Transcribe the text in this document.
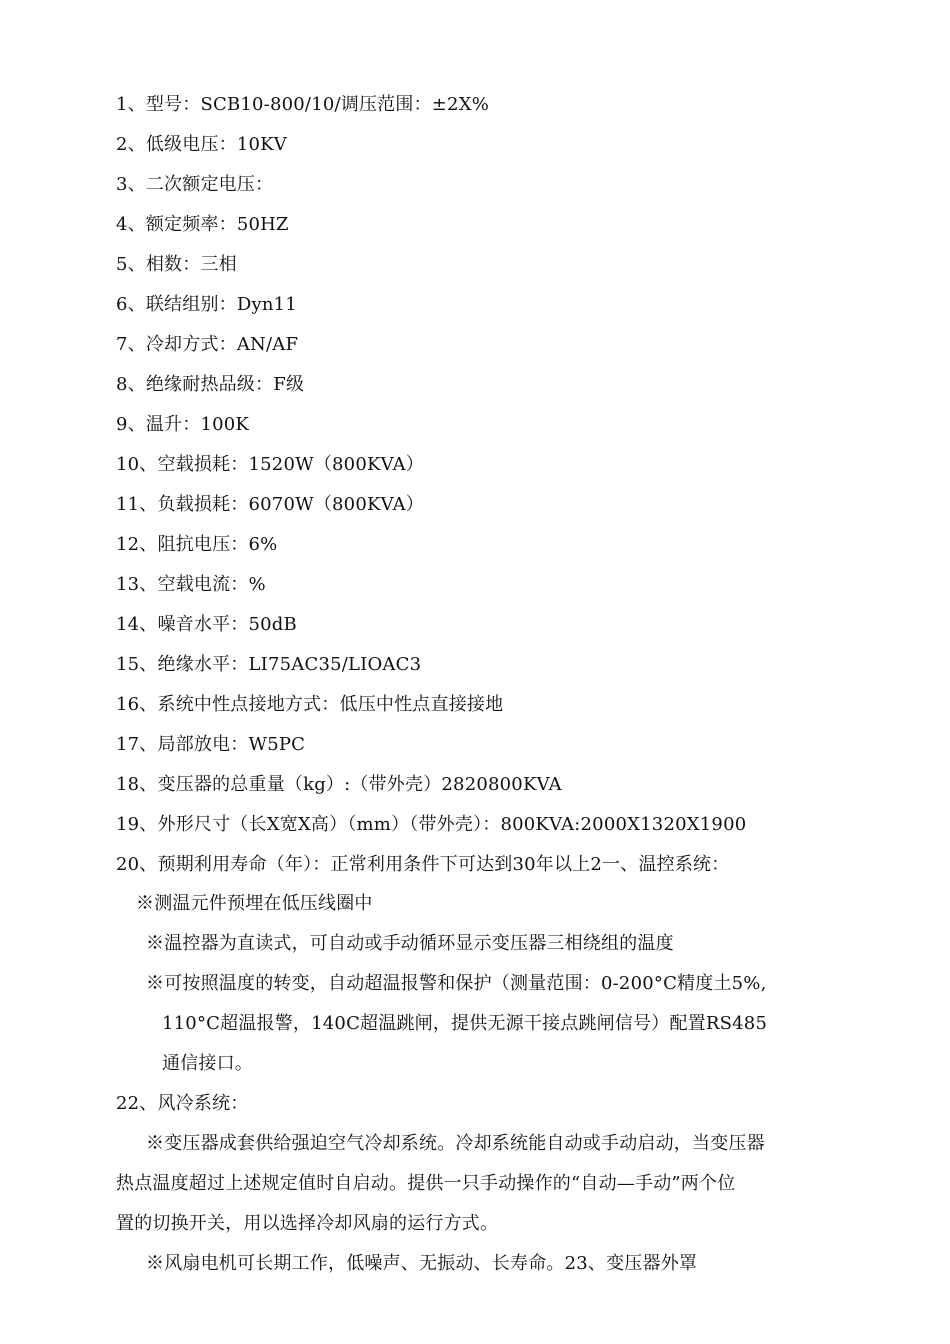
1、型号：SCB10-800/10/调压范围：±2X%
2、低级电压：10KV
3、二次额定电压：
4、额定频率：50HZ
5、相数：三相
6、联结组别：Dyn11
7、冷却方式：AN/AF
8、绝缘耐热品级：F级
9、温升：100K
10、空载损耗：1520W（800KVA）
11、负载损耗：6070W（800KVA）
12、阻抗电压：6%
13、空载电流：%
14、噪音水平：50dB
15、绝缘水平：LI75AC35/LIOAC3
16、系统中性点接地方式：低压中性点直接接地
17、局部放电：W5PC
18、变压器的总重量（kg）:（带外壳）2820800KVA
19、外形尺寸（长X宽X高）（mm）（带外壳）：800KVA:2000X1320X1900
20、预期利用寿命（年）：正常利用条件下可达到30年以上2一、温控系统：
※测温元件预埋在低压线圈中
※温控器为直读式，可自动或手动循环显示变压器三相绕组的温度
※可按照温度的转变，自动超温报警和保护（测量范围：0-200°C精度土5%,
110°C超温报警，140C超温跳闸，提供无源干接点跳闸信号）配置RS485
通信接口。
22、风冷系统：
※变压器成套供给强迫空气冷却系统。冷却系统能自动或手动启动，当变压器
热点温度超过上述规定值时自启动。提供一只手动操作的“自动—手动”两个位
置的切换开关，用以选择冷却风扇的运行方式。
※风扇电机可长期工作，低噪声、无振动、长寿命。23、变压器外罩
